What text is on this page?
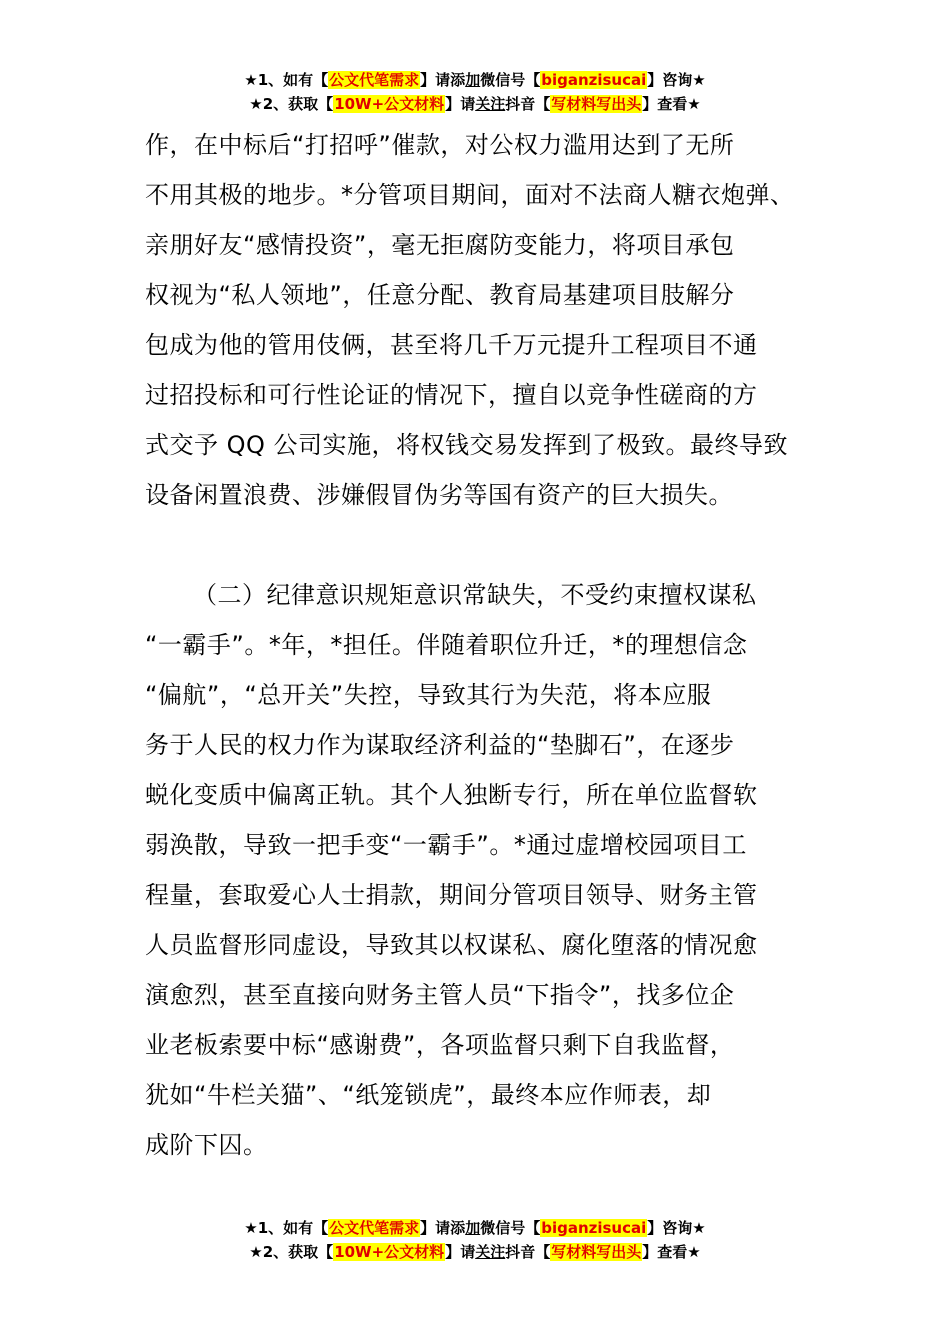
★1、如有【公文代笔需求】请添加微信号【biganzisucai】咨询★
★2、获取【10W+公文材料】请关注抖音【写材料写出头】查看★

作，在中标后“打招呼”催款，对公权力滥用达到了无所

不用其极的地步。*分管项目期间，面对不法商人糖衣炮弹、

亲朋好友“感情投资”，毫无拒腐防变能力，将项目承包

权视为“私人领地”，任意分配、教育局基建项目肢解分

包成为他的管用伎俩，甚至将几千万元提升工程项目不通

过招投标和可行性论证的情况下，擅自以竞争性磋商的方

式交予 QQ 公司实施，将权钱交易发挥到了极致。最终导致

设备闲置浪费、涉嫌假冒伪劣等国有资产的巨大损失。

（二）纪律意识规矩意识常缺失，不受约束擅权谋私

“一霸手”。*年，*担任。伴随着职位升迁，*的理想信念

“偏航”，“总开关”失控，导致其行为失范，将本应服

务于人民的权力作为谋取经济利益的“垫脚石”，在逐步

蜕化变质中偏离正轨。其个人独断专行，所在单位监督软

弱涣散，导致一把手变“一霸手”。*通过虚增校园项目工

程量，套取爱心人士捐款，期间分管项目领导、财务主管

人员监督形同虚设，导致其以权谋私、腐化堕落的情况愈

演愈烈，甚至直接向财务主管人员“下指令”，找多位企

业老板索要中标“感谢费”，各项监督只剩下自我监督，

犹如“牛栏关猫”、“纸笼锁虎”，最终本应作师表，却

成阶下囚。

★1、如有【公文代笔需求】请添加微信号【biganzisucai】咨询★
★2、获取【10W+公文材料】请关注抖音【写材料写出头】查看★
